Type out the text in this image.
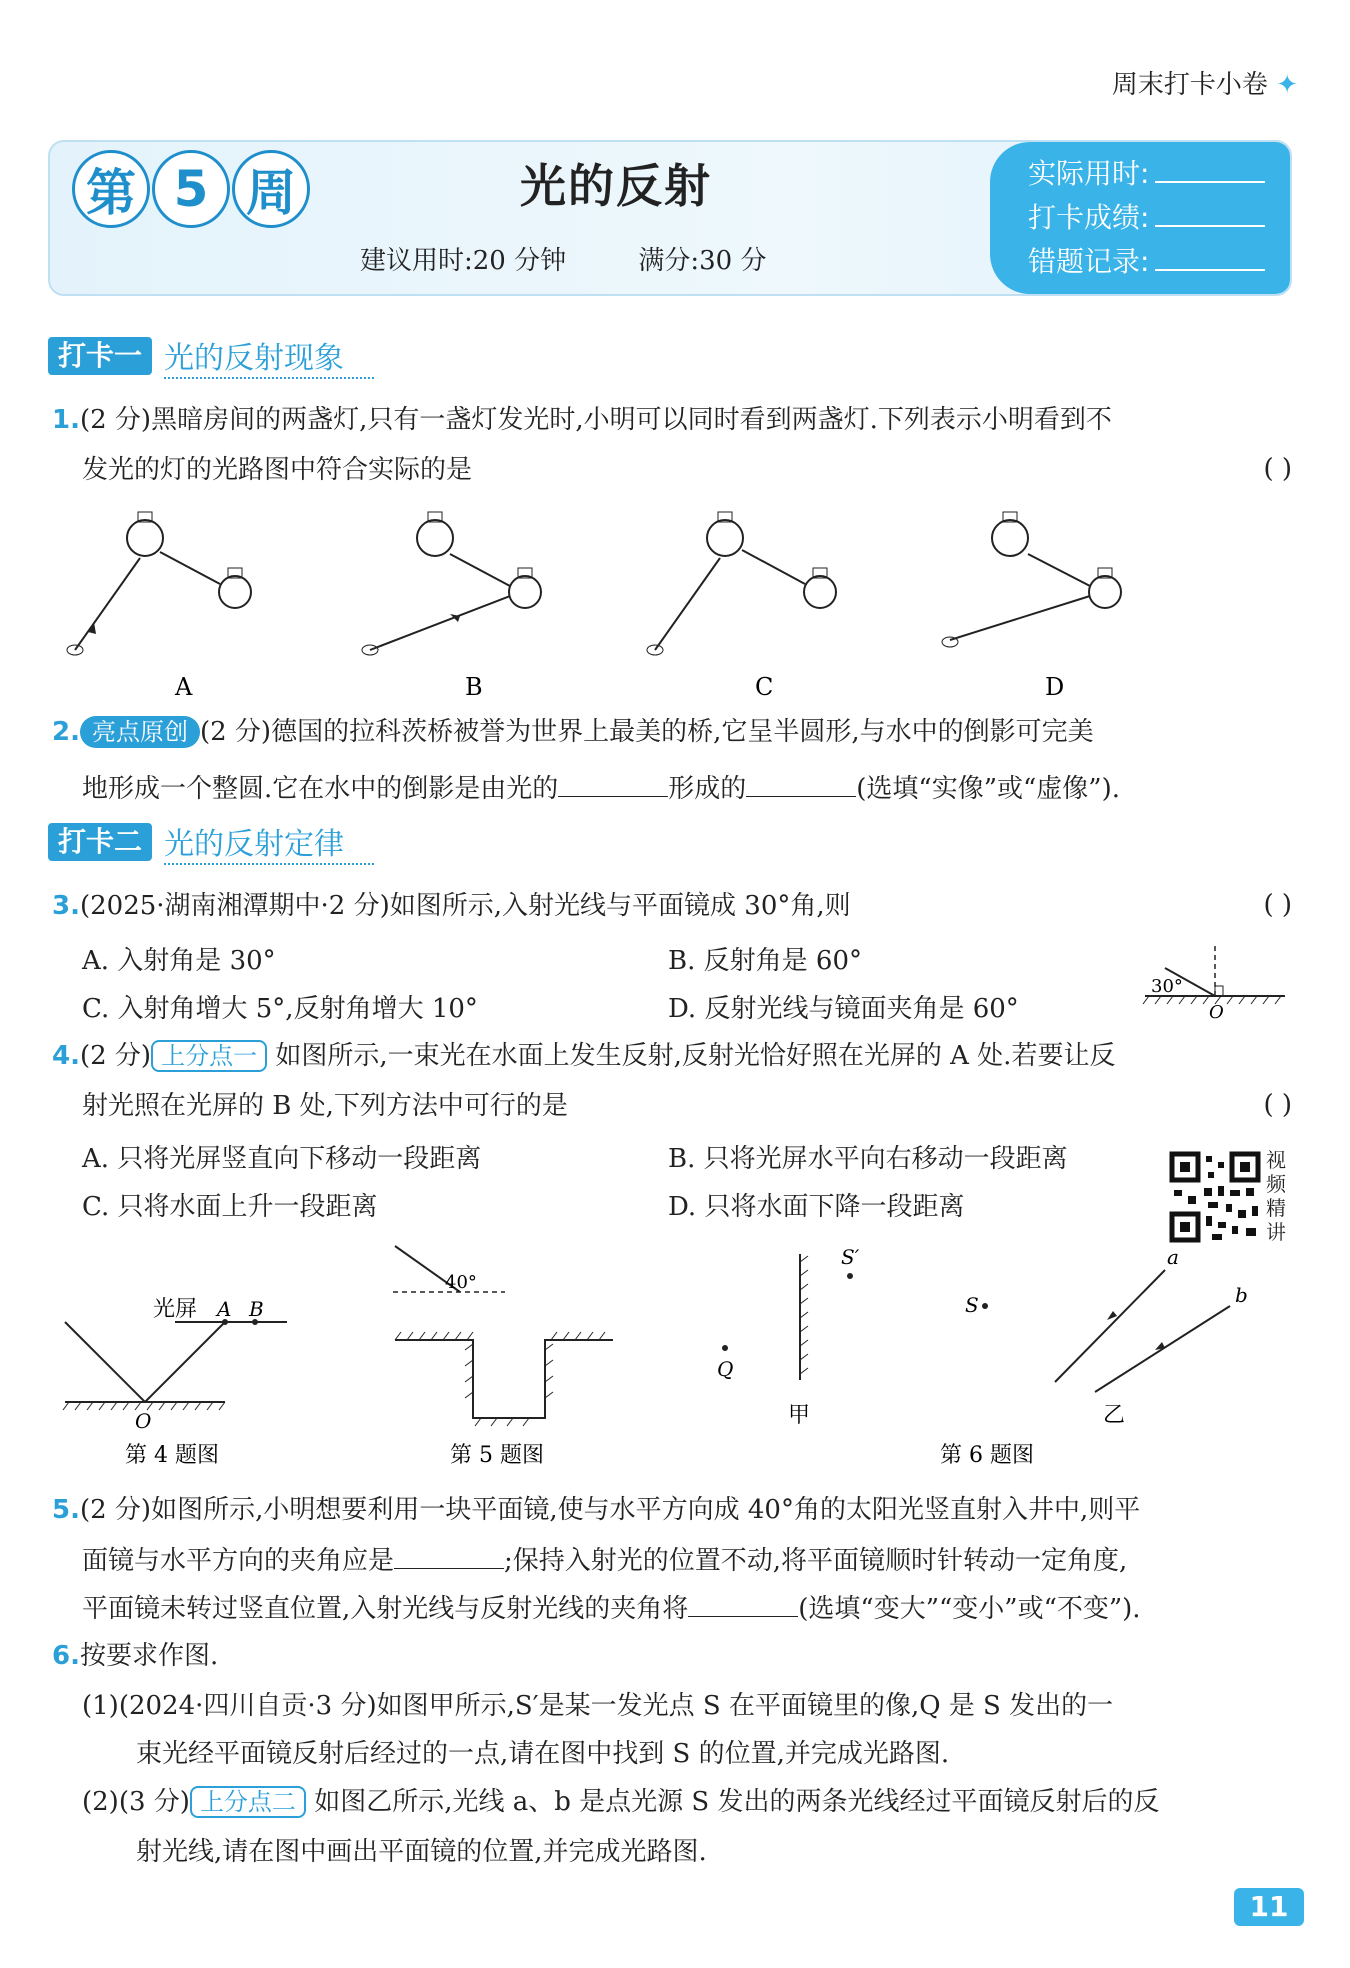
周末打卡小卷 ✦
第 5 周	光的反射
建议用时:20 分钟	满分:30 分
实际用时:
打卡成绩:
错题记录:
打卡一 光的反射现象
1.(2 分)黑暗房间的两盏灯,只有一盏灯发光时,小明可以同时看到两盏灯.下列表示小明看到不
发光的灯的光路图中符合实际的是	( )
A	B	C	D
2. 亮点原创 (2 分)德国的拉科茨桥被誉为世界上最美的桥,它呈半圆形,与水中的倒影可完美
地形成一个整圆.它在水中的倒影是由光的	形成的	(选填“实像”或“虚像”).
打卡二 光的反射定律
3.(2025·湖南湘潭期中·2 分)如图所示,入射光线与平面镜成 30°角,则	( )
A. 入射角是 30°	B. 反射角是 60°
C. 入射角增大 5°,反射角增大 10°	D. 反射光线与镜面夹角是 60°
30°
O
4.(2 分) 上分点一 如图所示,一束光在水面上发生反射,反射光恰好照在光屏的 A 处.若要让反
射光照在光屏的 B 处,下列方法中可行的是	( )
A. 只将光屏竖直向下移动一段距离	B. 只将光屏水平向右移动一段距离
C. 只将水面上升一段距离	D. 只将水面下降一段距离
视
频
精
讲
光屏 A B
O
第 4 题图
40°
第 5 题图
S′
Q
甲
S
a
b
乙
第 6 题图
5.(2 分)如图所示,小明想要利用一块平面镜,使与水平方向成 40°角的太阳光竖直射入井中,则平
面镜与水平方向的夹角应是	;保持入射光的位置不动,将平面镜顺时针转动一定角度,
平面镜未转过竖直位置,入射光线与反射光线的夹角将	(选填“变大”“变小”或“不变”).
6.按要求作图.
(1)(2024·四川自贡·3 分)如图甲所示,S′是某一发光点 S 在平面镜里的像,Q 是 S 发出的一
束光经平面镜反射后经过的一点,请在图中找到 S 的位置,并完成光路图.
(2)(3 分) 上分点二 如图乙所示,光线 a、b 是点光源 S 发出的两条光线经过平面镜反射后的反
射光线,请在图中画出平面镜的位置,并完成光路图.
11
